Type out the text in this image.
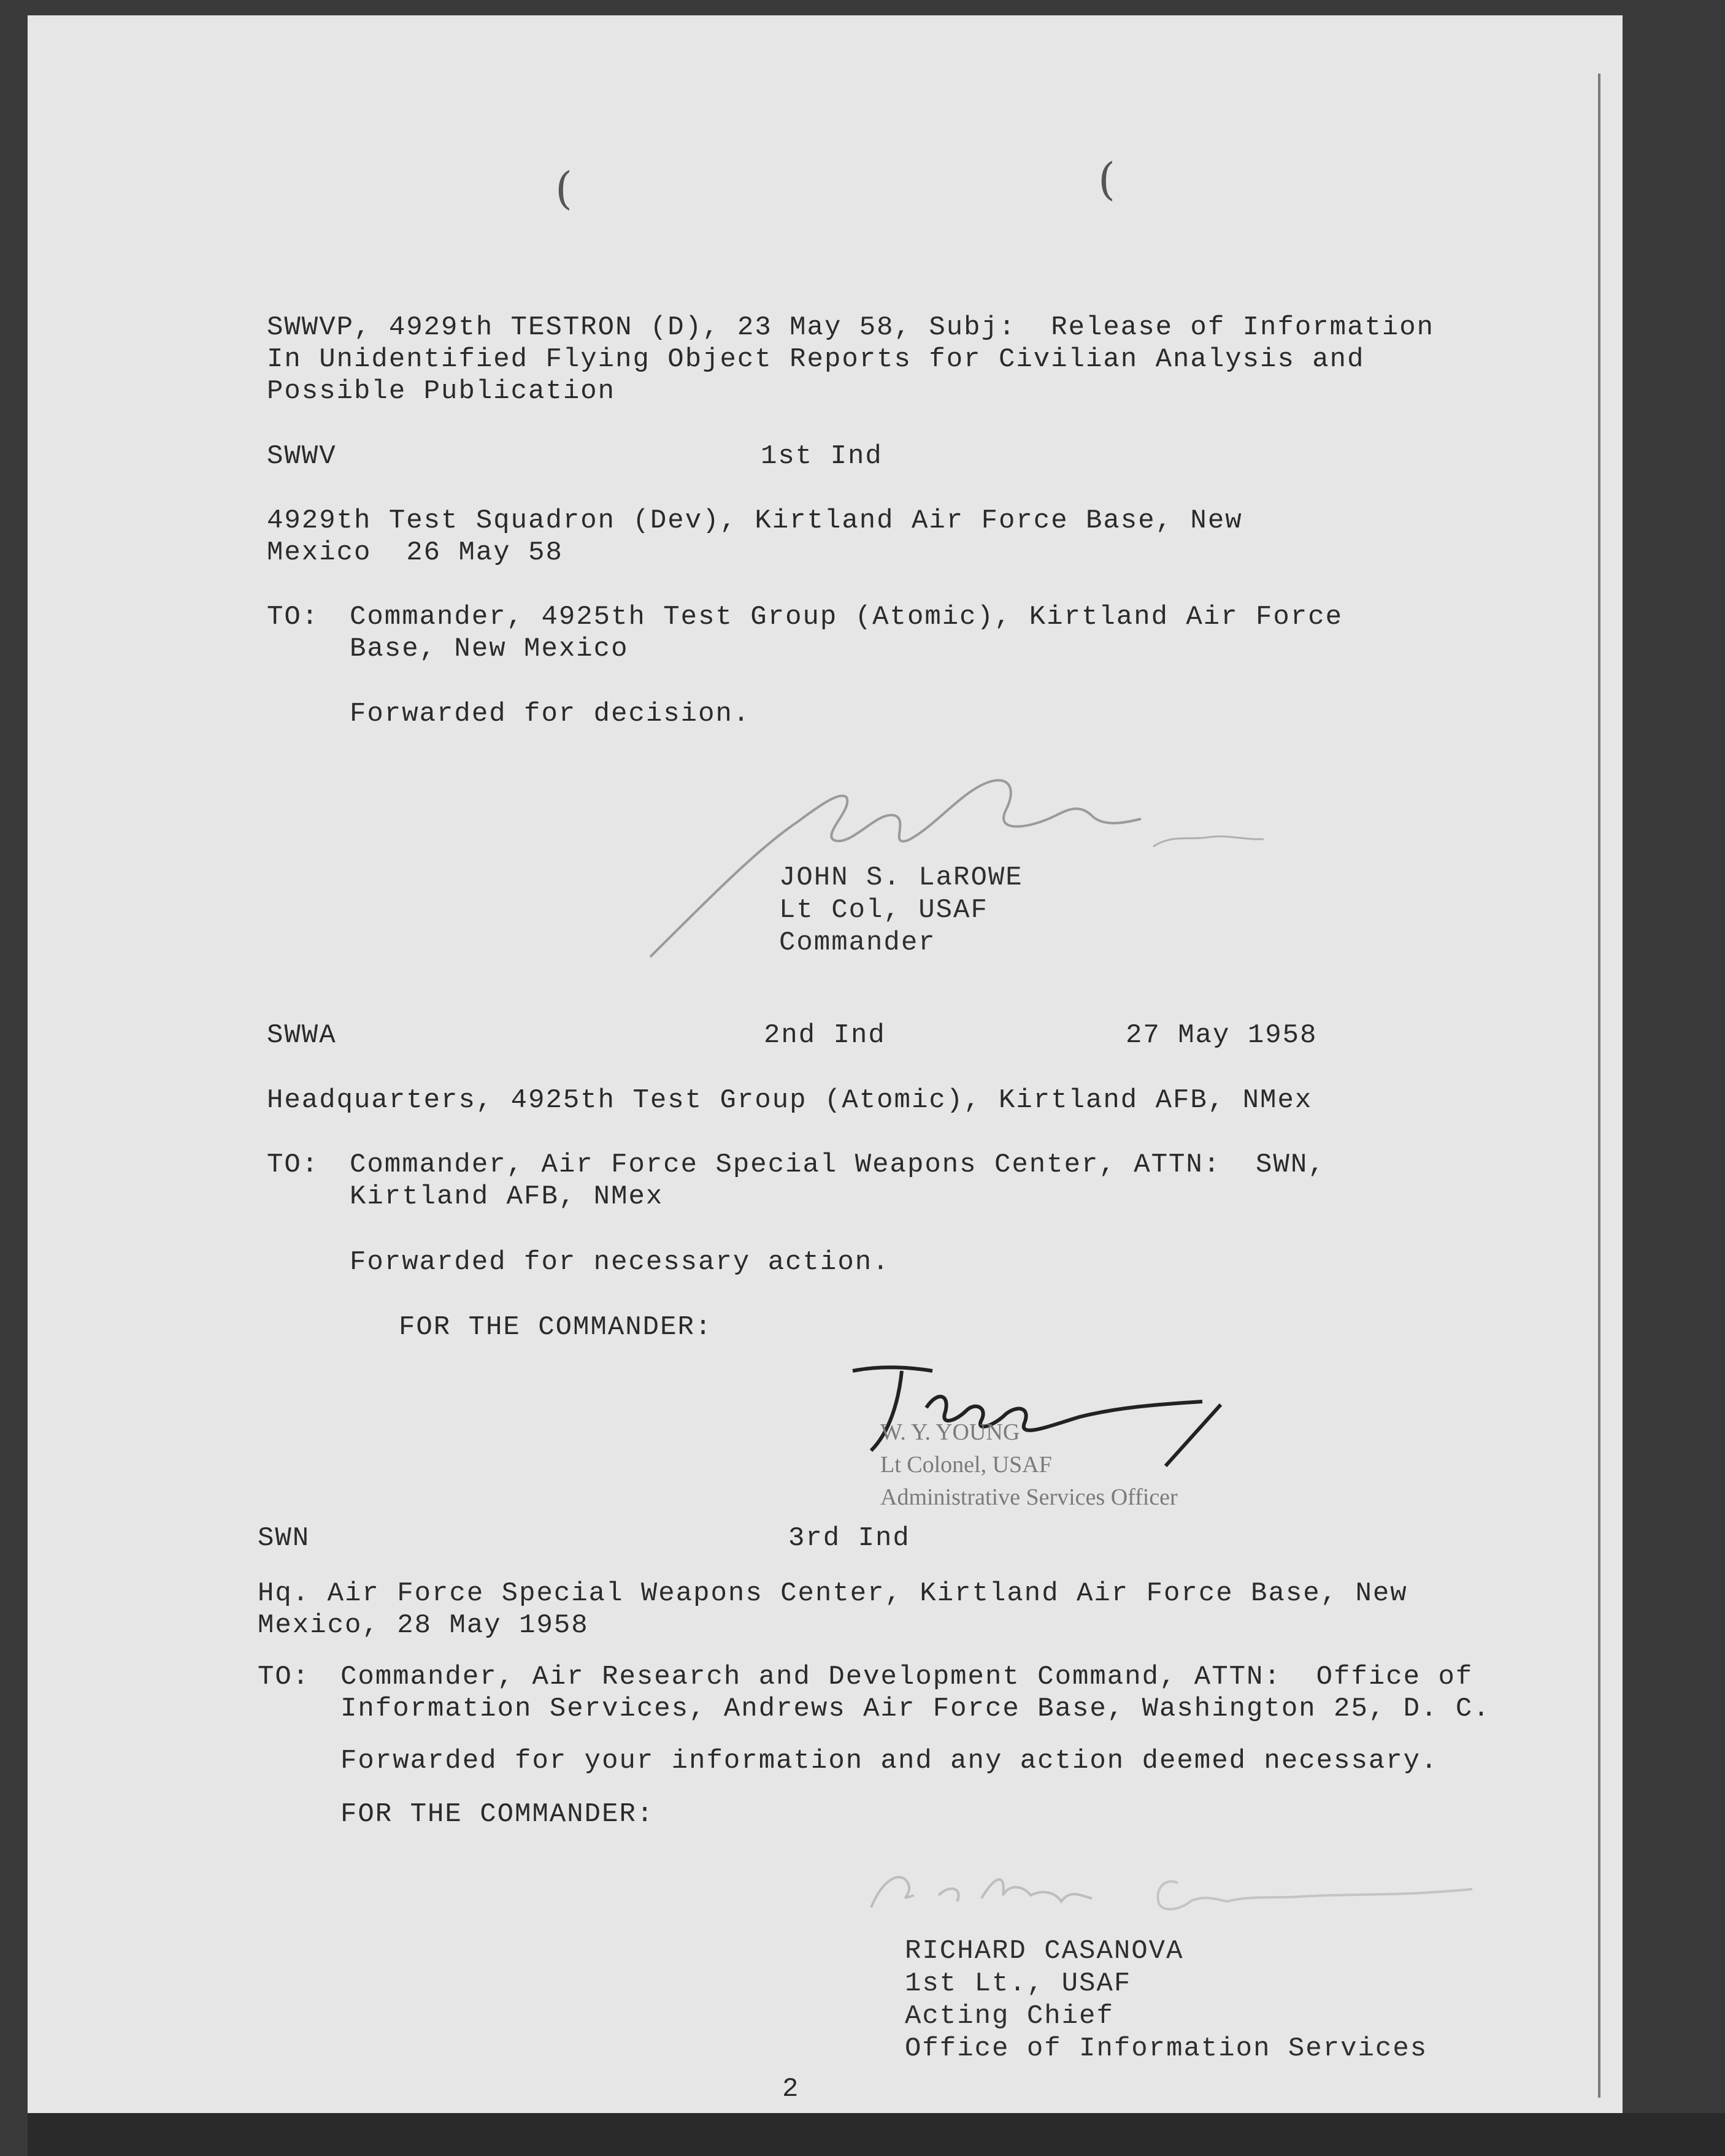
(	(

SWWVP, 4929th TESTRON (D), 23 May 58, Subj:  Release of Information

In Unidentified Flying Object Reports for Civilian Analysis and

Possible Publication

SWWV	1st Ind

4929th Test Squadron (Dev), Kirtland Air Force Base, New

Mexico  26 May 58

TO: Commander, 4925th Test Group (Atomic), Kirtland Air Force

Base, New Mexico

Forwarded for decision.

JOHN S. LaROWE

Lt Col, USAF

Commander

SWWA	2nd Ind	27 May 1958

Headquarters, 4925th Test Group (Atomic), Kirtland AFB, NMex

TO: Commander, Air Force Special Weapons Center, ATTN:  SWN,

Kirtland AFB, NMex

Forwarded for necessary action.

FOR THE COMMANDER:

W. Y. YOUNG
Lt Colonel, USAF
Administrative Services Officer

SWN	3rd Ind

Hq. Air Force Special Weapons Center, Kirtland Air Force Base, New

Mexico, 28 May 1958

TO: Commander, Air Research and Development Command, ATTN:  Office of

Information Services, Andrews Air Force Base, Washington 25, D. C.

Forwarded for your information and any action deemed necessary.

FOR THE COMMANDER:

RICHARD CASANOVA

1st Lt., USAF

Acting Chief

Office of Information Services

2
